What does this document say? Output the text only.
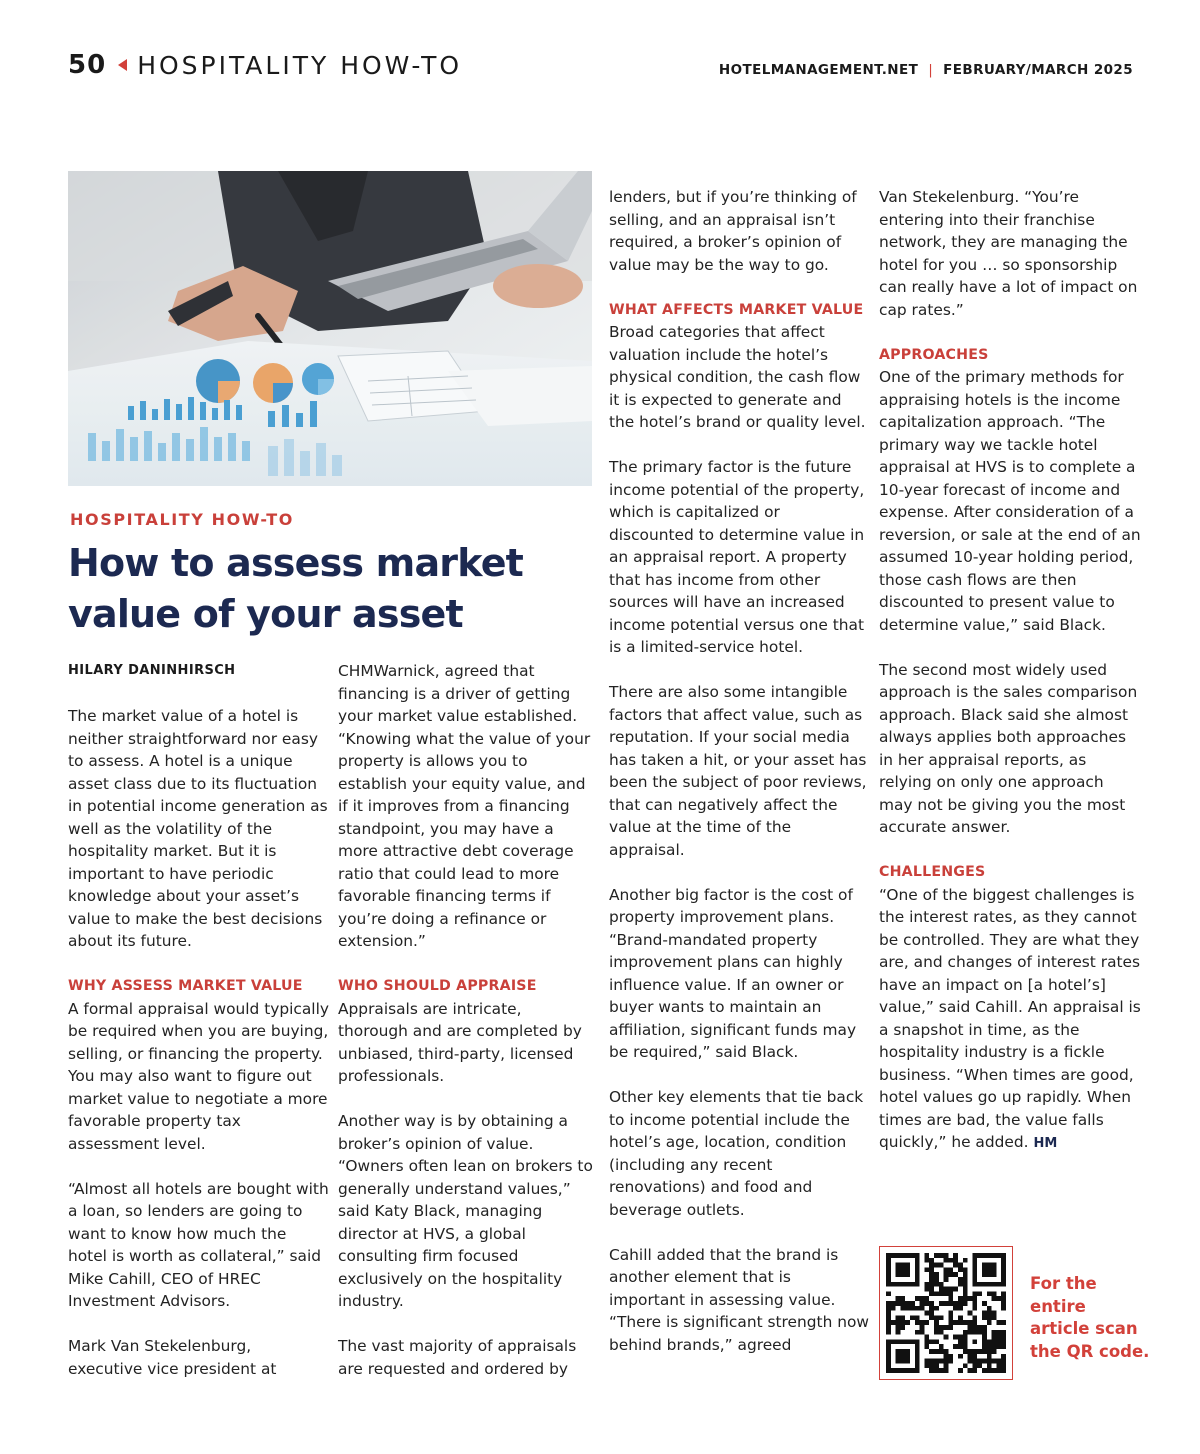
50 HOSPITALITY HOW-TO	HOTELMANAGEMENT.NET | FEBRUARY/MARCH 2025
HOSPITALITY HOW-TO
How to assess market value of your asset
HILARY DANINHIRSCH

The market value of a hotel is neither straightforward nor easy to assess. A hotel is a unique asset class due to its fluctuation in potential income generation as well as the volatility of the hospitality market. But it is important to have periodic knowledge about your asset’s value to make the best decisions about its future.

WHY ASSESS MARKET VALUE
A formal appraisal would typically be required when you are buying, selling, or financing the property. You may also want to figure out market value to negotiate a more favorable property tax assessment level.

“Almost all hotels are bought with a loan, so lenders are going to want to know how much the hotel is worth as collateral,” said Mike Cahill, CEO of HREC Investment Advisors.

Mark Van Stekelenburg, executive vice president at

CHMWarnick, agreed that financing is a driver of getting your market value established. “Knowing what the value of your property is allows you to establish your equity value, and if it improves from a financing standpoint, you may have a more attractive debt coverage ratio that could lead to more favorable financing terms if you’re doing a refinance or extension.”

WHO SHOULD APPRAISE
Appraisals are intricate, thorough and are completed by unbiased, third-party, licensed professionals.

Another way is by obtaining a broker’s opinion of value. “Owners often lean on brokers to generally understand values,” said Katy Black, managing director at HVS, a global consulting firm focused exclusively on the hospitality industry.

The vast majority of appraisals are requested and ordered by

lenders, but if you’re thinking of selling, and an appraisal isn’t required, a broker’s opinion of value may be the way to go.

WHAT AFFECTS MARKET VALUE
Broad categories that affect valuation include the hotel’s physical condition, the cash flow it is expected to generate and the hotel’s brand or quality level.

The primary factor is the future income potential of the property, which is capitalized or discounted to determine value in an appraisal report. A property that has income from other sources will have an increased income potential versus one that is a limited-service hotel.

There are also some intangible factors that affect value, such as reputation. If your social media has taken a hit, or your asset has been the subject of poor reviews, that can negatively affect the value at the time of the appraisal.

Another big factor is the cost of property improvement plans. “Brand-mandated property improvement plans can highly influence value. If an owner or buyer wants to maintain an affiliation, significant funds may be required,” said Black.

Other key elements that tie back to income potential include the hotel’s age, location, condition (including any recent renovations) and food and beverage outlets.

Cahill added that the brand is another element that is important in assessing value. “There is significant strength now behind brands,” agreed

Van Stekelenburg. “You’re entering into their franchise network, they are managing the hotel for you … so sponsorship can really have a lot of impact on cap rates.”

APPROACHES
One of the primary methods for appraising hotels is the income capitalization approach. “The primary way we tackle hotel appraisal at HVS is to complete a 10-year forecast of income and expense. After consideration of a reversion, or sale at the end of an assumed 10-year holding period, those cash flows are then discounted to present value to determine value,” said Black.

The second most widely used approach is the sales comparison approach. Black said she almost always applies both approaches in her appraisal reports, as relying on only one approach may not be giving you the most accurate answer.

CHALLENGES
“One of the biggest challenges is the interest rates, as they cannot be controlled. They are what they are, and changes of interest rates have an impact on [a hotel’s] value,” said Cahill. An appraisal is a snapshot in time, as the hospitality industry is a fickle business. “When times are good, hotel values go up rapidly. When times are bad, the value falls quickly,” he added. HM

For the entire article scan the QR code.
